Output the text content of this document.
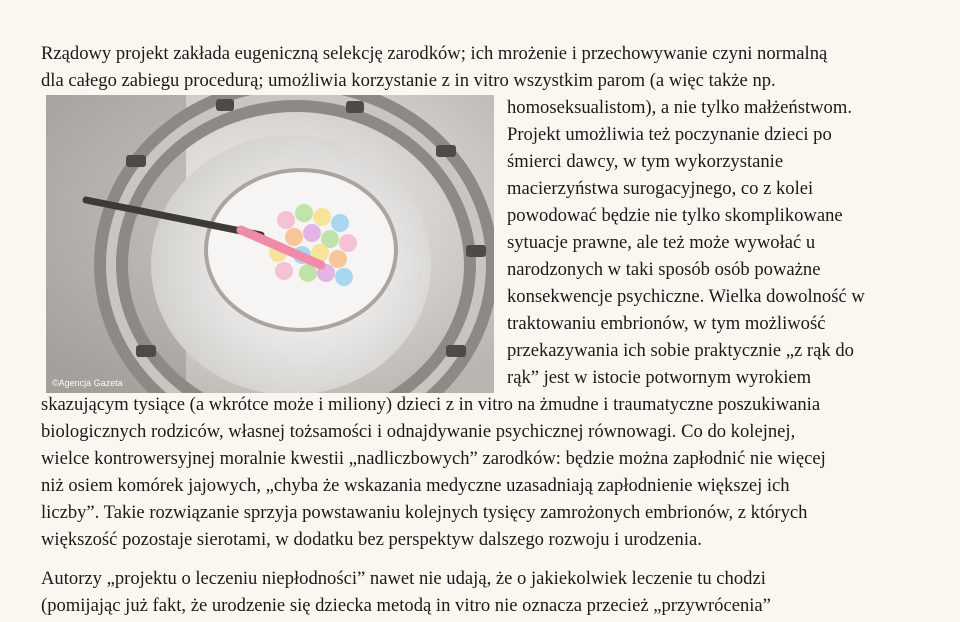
Rządowy projekt zakłada eugeniczną selekcję zarodków; ich mrożenie i przechowywanie czyni normalną
dla całego zabiegu procedurą; umożliwia korzystanie z in vitro wszystkim parom (a więc także np.
©Agencja Gazeta
homoseksualistom), a nie tylko małżeństwom.
Projekt umożliwia też poczynanie dzieci po
śmierci dawcy, w tym wykorzystanie
macierzyństwa surogacyjnego, co z kolei
powodować będzie nie tylko skomplikowane
sytuacje prawne, ale też może wywołać u
narodzonych w taki sposób osób poważne
konsekwencje psychiczne. Wielka dowolność w
traktowaniu embrionów, w tym możliwość
przekazywania ich sobie praktycznie „z rąk do
rąk” jest w istocie potwornym wyrokiem
skazującym tysiące (a wkrótce może i miliony) dzieci z in vitro na żmudne i traumatyczne poszukiwania
biologicznych rodziców, własnej tożsamości i odnajdywanie psychicznej równowagi. Co do kolejnej,
wielce kontrowersyjnej moralnie kwestii „nadliczbowych” zarodków: będzie można zapłodnić nie więcej
niż osiem komórek jajowych, „chyba że wskazania medyczne uzasadniają zapłodnienie większej ich
liczby”. Takie rozwiązanie sprzyja powstawaniu kolejnych tysięcy zamrożonych embrionów, z których
większość pozostaje sierotami, w dodatku bez perspektyw dalszego rozwoju i urodzenia.
Autorzy „projektu o leczeniu niepłodności” nawet nie udają, że o jakiekolwiek leczenie tu chodzi
(pomijając już fakt, że urodzenie się dziecka metodą in vitro nie oznacza przecież „przywrócenia”
